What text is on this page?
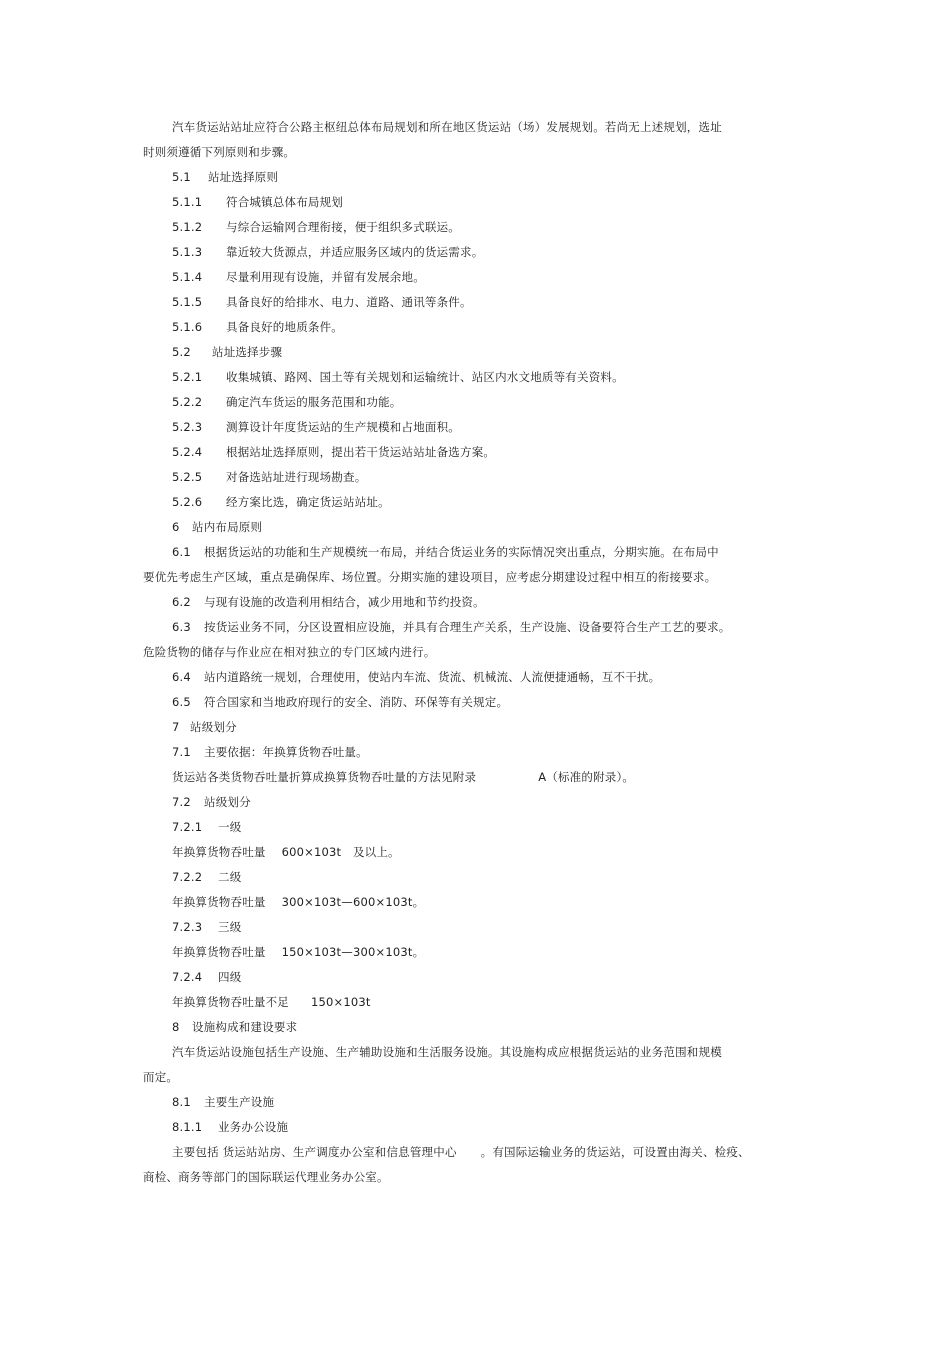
汽车货运站站址应符合公路主枢纽总体布局规划和所在地区货运站（场）发展规划。若尚无上述规划，选址
时则须遵循下列原则和步骤。
5.1 站址选择原则
5.1.1 符合城镇总体布局规划
5.1.2 与综合运输网合理衔接，便于组织多式联运。
5.1.3 靠近较大货源点，并适应服务区域内的货运需求。
5.1.4 尽量利用现有设施，并留有发展余地。
5.1.5 具备良好的给排水、电力、道路、通讯等条件。
5.1.6 具备良好的地质条件。
5.2 站址选择步骤
5.2.1 收集城镇、路网、国土等有关规划和运输统计、站区内水文地质等有关资料。
5.2.2 确定汽车货运的服务范围和功能。
5.2.3 测算设计年度货运站的生产规模和占地面积。
5.2.4 根据站址选择原则，提出若干货运站站址备选方案。
5.2.5 对备选站址进行现场勘查。
5.2.6 经方案比选，确定货运站站址。
6 站内布局原则
6.1 根据货运站的功能和生产规模统一布局，并结合货运业务的实际情况突出重点，分期实施。在布局中
要优先考虑生产区域，重点是确保库、场位置。分期实施的建设项目，应考虑分期建设过程中相互的衔接要求。
6.2 与现有设施的改造利用相结合，减少用地和节约投资。
6.3 按货运业务不同，分区设置相应设施，并具有合理生产关系，生产设施、设备要符合生产工艺的要求。
危险货物的储存与作业应在相对独立的专门区域内进行。
6.4 站内道路统一规划，合理使用，使站内车流、货流、机械流、人流便捷通畅，互不干扰。
6.5 符合国家和当地政府现行的安全、消防、环保等有关规定。
7 站级划分
7.1 主要依据：年换算货物吞吐量。
货运站各类货物吞吐量折算成换算货物吞吐量的方法见附录	A（标准的附录）。
7.2 站级划分
7.2.1 一级
年换算货物吞吐量 600×103t　及以上。
7.2.2 二级
年换算货物吞吐量 300×103t—600×103t。
7.2.3 三级
年换算货物吞吐量 150×103t—300×103t。
7.2.4 四级
年换算货物吞吐量不足 150×103t
8 设施构成和建设要求
汽车货运站设施包括生产设施、生产辅助设施和生活服务设施。其设施构成应根据货运站的业务范围和规模
而定。
8.1 主要生产设施
8.1.1 业务办公设施
主要包括 货运站站房、生产调度办公室和信息管理中心 。有国际运输业务的货运站，可设置由海关、检疫、
商检、商务等部门的国际联运代理业务办公室。
